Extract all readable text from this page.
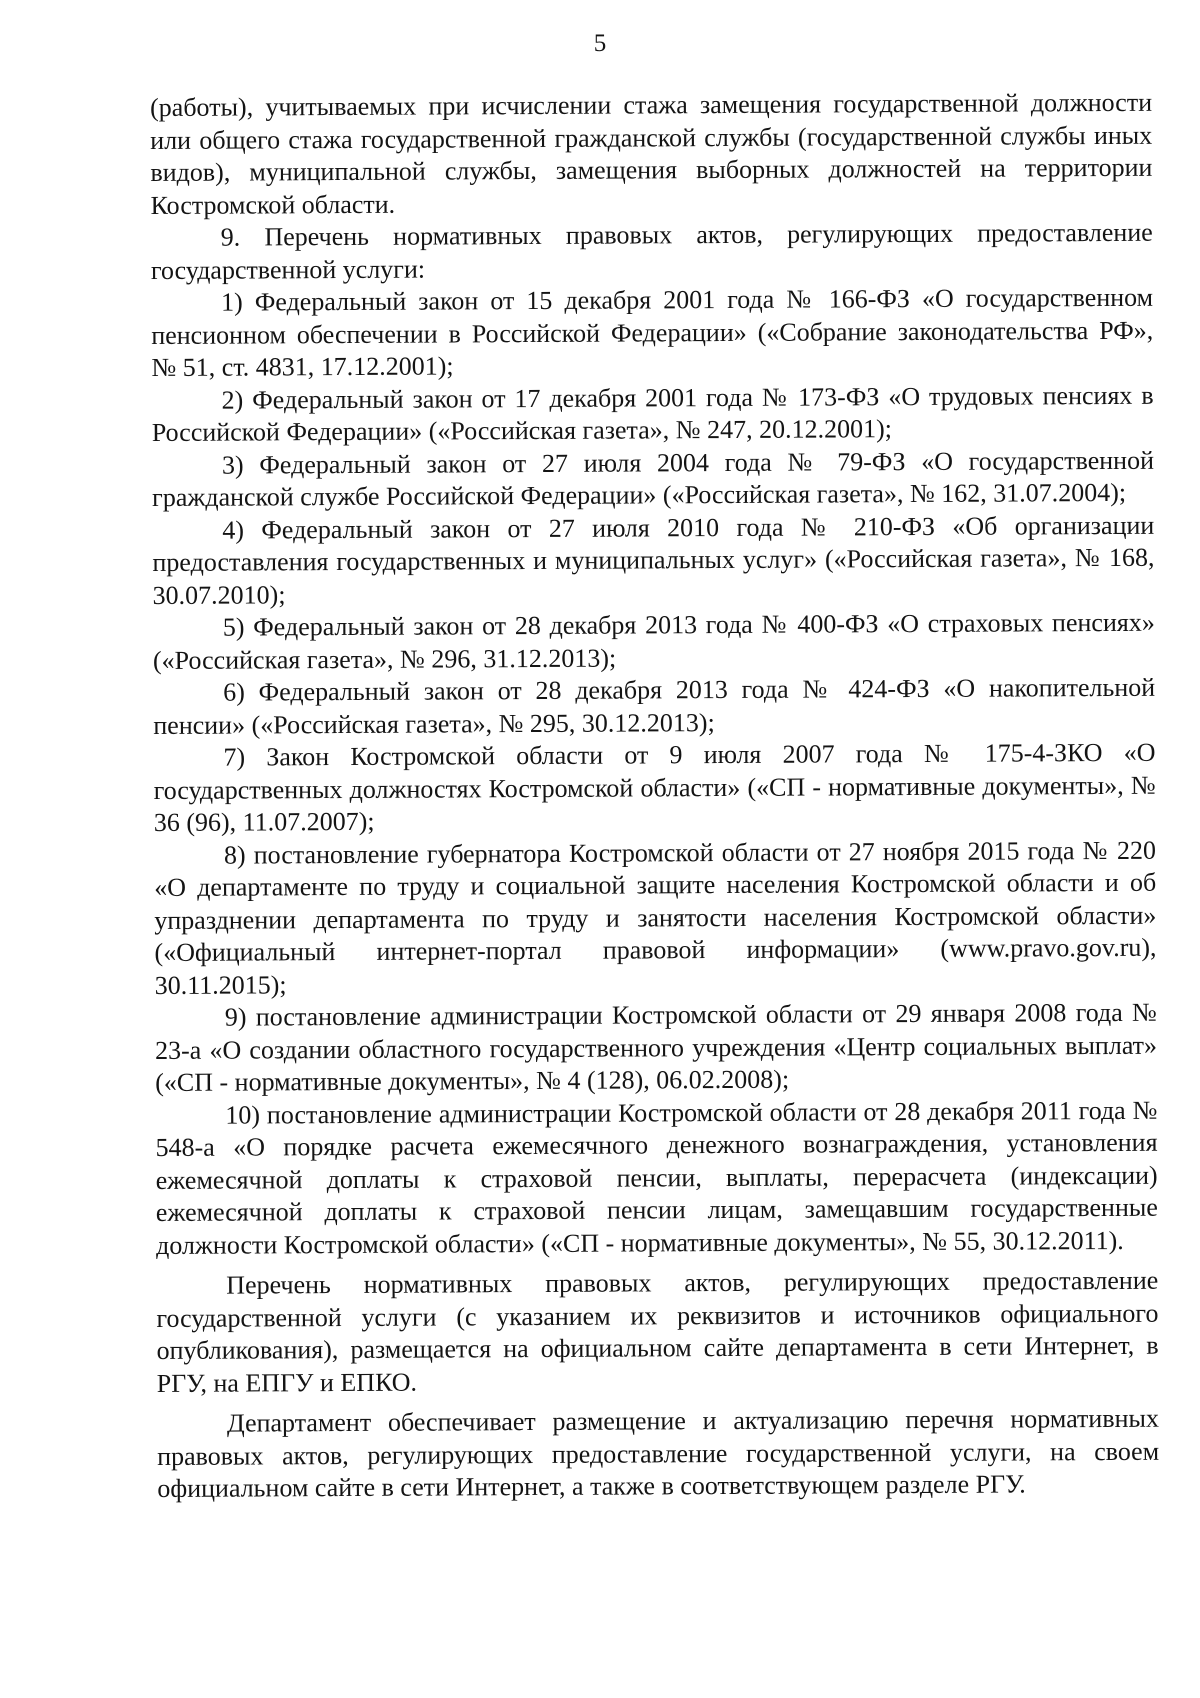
5

(работы), учитываемых при исчислении стажа замещения государственной должности или общего стажа государственной гражданской службы (государственной службы иных видов), муниципальной службы, замещения выборных должностей на территории Костромской области.

9. Перечень нормативных правовых актов, регулирующих предоставление государственной услуги:

1) Федеральный закон от 15 декабря 2001 года № 166-ФЗ «О государственном пенсионном обеспечении в Российской Федерации» («Собрание законодательства РФ», № 51, ст. 4831, 17.12.2001);

2) Федеральный закон от 17 декабря 2001 года № 173-ФЗ «О трудовых пенсиях в Российской Федерации» («Российская газета», № 247, 20.12.2001);

3) Федеральный закон от 27 июля 2004 года № 79-ФЗ «О государственной гражданской службе Российской Федерации» («Российская газета», № 162, 31.07.2004);

4) Федеральный закон от 27 июля 2010 года № 210-ФЗ «Об организации предоставления государственных и муниципальных услуг» («Российская газета», № 168, 30.07.2010);

5) Федеральный закон от 28 декабря 2013 года № 400-ФЗ «О страховых пенсиях» («Российская газета», № 296, 31.12.2013);

6) Федеральный закон от 28 декабря 2013 года № 424-ФЗ «О накопительной пенсии» («Российская газета», № 295, 30.12.2013);

7) Закон Костромской области от 9 июля 2007 года № 175-4-ЗКО «О государственных должностях Костромской области» («СП - нормативные документы», № 36 (96), 11.07.2007);

8) постановление губернатора Костромской области от 27 ноября 2015 года № 220 «О департаменте по труду и социальной защите населения Костромской области и об упразднении департамента по труду и занятости населения Костромской области» («Официальный интернет-портал правовой информации» (www.pravo.gov.ru), 30.11.2015);

9) постановление администрации Костромской области от 29 января 2008 года № 23-а «О создании областного государственного учреждения «Центр социальных выплат» («СП - нормативные документы», № 4 (128), 06.02.2008);

10) постановление администрации Костромской области от 28 декабря 2011 года № 548-а «О порядке расчета ежемесячного денежного вознаграждения, установления ежемесячной доплаты к страховой пенсии, выплаты, перерасчета (индексации) ежемесячной доплаты к страховой пенсии лицам, замещавшим государственные должности Костромской области» («СП - нормативные документы», № 55, 30.12.2011).

Перечень нормативных правовых актов, регулирующих предоставление государственной услуги (с указанием их реквизитов и источников официального опубликования), размещается на официальном сайте департамента в сети Интернет, в РГУ, на ЕПГУ и ЕПКО.

Департамент обеспечивает размещение и актуализацию перечня нормативных правовых актов, регулирующих предоставление государственной услуги, на своем официальном сайте в сети Интернет, а также в соответствующем разделе РГУ.
